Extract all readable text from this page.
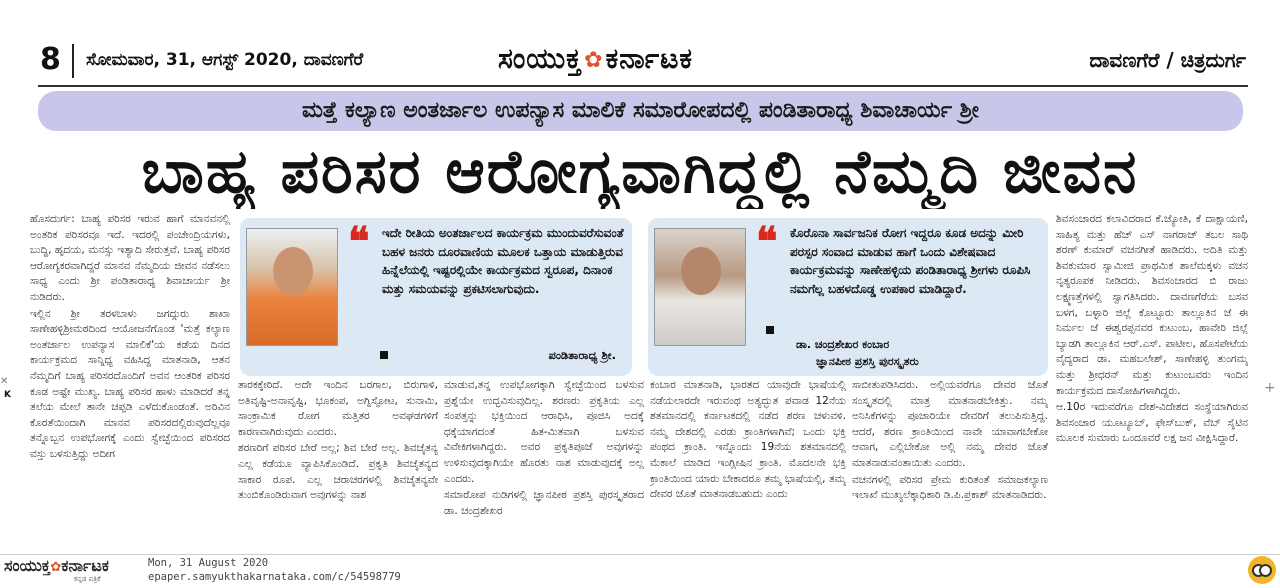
8 ಸೋಮವಾರ, 31, ಆಗಸ್ಟ್ 2020, ದಾವಣಗೆರೆ	ಸಂಯುಕ್ತ✿ಕರ್ನಾಟಕ	ದಾವಣಗೆರೆ / ಚಿತ್ರದುರ್ಗ
ಮತ್ತೆ ಕಲ್ಯಾಣ ಅಂತರ್ಜಾಲ ಉಪನ್ಯಾಸ ಮಾಲಿಕೆ ಸಮಾರೋಪದಲ್ಲಿ ಪಂಡಿತಾರಾಧ್ಯ ಶಿವಾಚಾರ್ಯ ಶ್ರೀ
ಬಾಹ್ಯ ಪರಿಸರ ಆರೋಗ್ಯವಾಗಿದ್ದಲ್ಲಿ ನೆಮ್ಮದಿ ಜೀವನ

ಹೊಸದುರ್ಗ: ಬಾಹ್ಯ ಪರಿಸರ ಇರುವ ಹಾಗೆ ಮಾನವನಲ್ಲಿ ಅಂತರಿಕ ಪರಿಸರವೂ ಇದೆ. ಇದರಲ್ಲಿ ಪಂಚೇಂದ್ರಿಯಗಳು, ಬುದ್ಧಿ, ಹೃದಯ, ಮನಸ್ಸು ಇತ್ಯಾದಿ ಸೇರುತ್ತವೆ. ಬಾಹ್ಯ ಪರಿಸರ ಆರೋಗ್ಯಕರವಾಗಿದ್ದರೆ ಮಾನವ ನೆಮ್ಮದಿಯ ಜೀವನ ನಡೆಸಲು ಸಾಧ್ಯ ಎಂದು ಶ್ರೀ ಪಂಡಿತಾರಾಧ್ಯ ಶಿವಾಚಾರ್ಯ ಶ್ರೀ ನುಡಿದರು.

ಇಲ್ಲಿನ ಶ್ರೀ ತರಳಬಾಳು ಜಗದ್ಗುರು ಶಾಖಾ ಸಾಣೇಹಳ್ಳಿಶ್ರೀಮಠದಿಂದ ಆಯೋಜನೆಗೊಂಡ 'ಮತ್ತೆ ಕಲ್ಯಾಣ ಅಂತರ್ಜಾಲ ಉಪನ್ಯಾಸ ಮಾಲಿಕೆ'ಯ ಕಡೆಯ ದಿನದ ಕಾರ್ಯಕ್ರಮದ ಸಾನ್ನಿಧ್ಯ ವಹಿಸಿದ್ದ ಮಾತನಾಡಿ, ಆತನ ನೆಮ್ಮದಿಗೆ ಬಾಹ್ಯ ಪರಿಸರದೊಂದಿಗೆ ಅವನ ಆಂತರಿಕ ಪರಿಸರ ಕೂಡ ಅಷ್ಟೇ ಮುಖ್ಯ. ಬಾಹ್ಯ ಪರಿಸರ ಹಾಳು ಮಾಡಿದರೆ ತನ್ನ ತಲೆಯ ಮೇಲೆ ತಾನೇ ಚಪ್ಪಡಿ ಎಳೆದುಕೊಂಡಂತೆ. ಅರಿವಿನ ಕೊರತೆಯಿಂದಾಗಿ ಮಾನವ ಪರಿಸರದಲ್ಲಿರುವುದೆಲ್ಲವೂ ತನ್ನೊಬ್ಬನ ಉಪಭೋಗಕ್ಕೆ ಎಂದು ಸ್ವೇಚ್ಛೆಯಿಂದ ಪರಿಸರದ ವಸ್ತು ಬಳಸುತ್ತಿದ್ದು ಅದೀಗ

❝ ಇದೇ ರೀತಿಯ ಅಂತರ್ಜಾಲದ ಕಾರ್ಯಕ್ರಮ ಮುಂದುವರೆಸುವಂತೆ ಬಹಳ ಜನರು ದೂರವಾಣಿಯ ಮೂಲಕ ಒತ್ತಾಯ ಮಾಡುತ್ತಿರುವ ಹಿನ್ನೆಲೆಯಲ್ಲಿ ಇಷ್ಟರಲ್ಲಿಯೇ ಕಾರ್ಯಕ್ರಮದ ಸ್ವರೂಪ, ದಿನಾಂಕ ಮತ್ತು ಸಮಯವನ್ನು ಪ್ರಕಟಿಸಲಾಗುವುದು.
ಪಂಡಿತಾರಾಧ್ಯ ಶ್ರೀ.
❝ ಕೊರೊನಾ ಸಾರ್ವಜನಿಕ ರೋಗ ಇದ್ದರೂ ಕೂಡ ಅದನ್ನು ಮೀರಿ ಪರಸ್ಪರ ಸಂವಾದ ಮಾಡುವ ಹಾಗೆ ಒಂದು ವಿಶೇಷವಾದ ಕಾರ್ಯಕ್ರಮವನ್ನು ಸಾಣೇಹಳ್ಳಿಯ ಪಂಡಿತಾರಾಧ್ಯ ಶ್ರೀಗಳು ರೂಪಿಸಿ ನಮಗೆಲ್ಲ ಬಹಳದೊಡ್ಡ ಉಪಕಾರ ಮಾಡಿದ್ದಾರೆ.
ಡಾ. ಚಂದ್ರಶೇಖರ ಕಂಬಾರ
ಜ್ಞಾನಪೀಠ ಪ್ರಶಸ್ತಿ ಪುರಸ್ಕೃತರು

ತಾರಕಕ್ಕೇರಿದೆ. ಅದೇ ಇಂದಿನ ಬರಗಾಲ, ಬಿರುಗಾಳಿ, ಅತಿವೃಷ್ಟಿ-ಅನಾವೃಷ್ಟಿ, ಭೂಕಂಪ, ಅಗ್ನಿಸ್ಫೋಟ, ಸುನಾಮಿ, ಸಾಂಕ್ರಾಮಿಕ ರೋಗ ಮತ್ತಿತರ ಅವಘಡಗಳಿಗೆ ಕಾರಣವಾಗಿರುವುದು ಎಂದರು.

ಶರಣರಿಗೆ ಪರಿಸರ ಬೇರೆ ಅಲ್ಲ; ಶಿವ ಬೇರೆ ಅಲ್ಲ. ಶಿವಚೈತನ್ಯ ಎಲ್ಲ ಕಡೆಯೂ ವ್ಯಾಪಿಸಿಕೊಂಡಿದೆ. ಪ್ರಕೃತಿ ಶಿವಚೈತನ್ಯದ ಸಾಕಾರ ರೂಪ. ಎಲ್ಲ ಚರಾಚರಗಳಲ್ಲಿ ಶಿವಚೈತನ್ಯವೇ ತುಂಬಿಕೊಂಡಿರುವಾಗ ಅವುಗಳನ್ನು ನಾಶ

ಮಾಡುವ,ತನ್ನ ಉಪಭೋಗಕ್ಕಾಗಿ ಸ್ವೇಚ್ಛೆಯಿಂದ ಬಳಸುವ ಪ್ರಶ್ನೆಯೇ ಉದ್ಭವಿಸುವುದಿಲ್ಲ. ಶರಣರು ಪ್ರಕೃತಿಯ ಎಲ್ಲ ಸಂಪತ್ತನ್ನು ಭಕ್ತಿಯಿಂದ ಆರಾಧಿಸಿ, ಪೂಜಿಸಿ ಅದಕ್ಕೆ ಧಕ್ಕೆಯಾಗದಂತೆ ಹಿತ-ಮಿತವಾಗಿ ಬಳಸುವ ವಿವೇಕಿಗಳಾಗಿದ್ದರು. ಅವರ ಪ್ರಕೃತಿಪೂಜೆ ಅವುಗಳನ್ನು ಉಳಿಸುವುದಕ್ಕಾಗಿಯೇ ಹೊರತು ನಾಶ ಮಾಡುವುದಕ್ಕೆ ಅಲ್ಲ ಎಂದರು.

ಸಮಾರೋಪ ನುಡಿಗಳಲ್ಲಿ ಜ್ಞಾನಪೀಠ ಪ್ರಶಸ್ತಿ ಪುರಸ್ಕೃತರಾದ ಡಾ. ಚಂದ್ರಶೇಖರ

ಕಂಬಾರ ಮಾತನಾಡಿ, ಭಾರತದ ಯಾವುದೇ ಭಾಷೆಯಲ್ಲಿ ನಡೆಯಲಾರದೇ ಇರುವಂಥ ಅತ್ಯದ್ಭುತ ಪವಾಡ 12ನೆಯ ಶತಮಾನದಲ್ಲಿ ಕರ್ನಾಟಕದಲ್ಲಿ ನಡೆದ ಶರಣ ಚಳುವಳಿ. ನಮ್ಮ ದೇಶದಲ್ಲಿ ಎರಡು ಕ್ರಾಂತಿಗಳಾಗಿವೆ; ಒಂದು ಭಕ್ತಿ ಪಂಥದ ಕ್ರಾಂತಿ. ಇನ್ನೊಂದು 19ನೆಯ ಶತಮಾನದಲ್ಲಿ ಮೆಕಾಲೆ ಮಾಡಿದ ಇಂಗ್ಲೀಷಿನ ಕ್ರಾಂತಿ. ಮೊದಲನೇ ಭಕ್ತಿ ಕ್ರಾಂತಿಯಿಂದ ಯಾರು ಬೇಕಾದರೂ ತಮ್ಮ ಭಾಷೆಯಲ್ಲಿ, ತಮ್ಮ ದೇವರ ಜೊತೆ ಮಾತನಾಡಬಹುದು ಎಂದು

ಸಾಬೀತುಪಡಿಸಿದರು. ಅಲ್ಲಿಯವರೆಗೂ ದೇವರ ಜೊತೆ ಸಂಸ್ಕೃತದಲ್ಲಿ ಮಾತ್ರ ಮಾತನಾಡಬೇಕಿತ್ತು. ನಮ್ಮ ಅನಿಸಿಕೆಗಳನ್ನು ಪೂಜಾರಿಯೇ ದೇವರಿಗೆ ತಲುಪಿಸುತ್ತಿದ್ದ. ಆದರೆ, ಶರಣ ಕ್ರಾಂತಿಯಿಂದ ನಾವೇ ಯಾವಾಗಬೇಕೋ ಆವಾಗ, ಎಲ್ಲಿಬೇಕೋ ಅಲ್ಲಿ ನಮ್ಮ ದೇವರ ಜೊತೆ ಮಾತನಾಡುವಂತಾಯಿತು ಎಂದರು.

ವಚನಗಳಲ್ಲಿ ಪರಿಸರ ಪ್ರೇಮ ಕುರಿತಂತೆ ಸಮಾಜಕಲ್ಯಾಣ ಇಲಾಖೆ ಮುಖ್ಯಲೆಕ್ಕಾಧಿಕಾರಿ ಡಿ.ಪಿ.ಪ್ರಕಾಶ್ ಮಾತನಾಡಿದರು.

ಶಿವಸಂಚಾರದ ಕಲಾವಿದರಾದ ಕೆ.ಜ್ಯೋತಿ, ಕೆ ದಾಕ್ಷಾಯಣಿ, ಸಾಹಿತ್ಯ ಮತ್ತು ಹೆಚ್ ಎಸ್ ನಾಗರಾಜ್ ತಬಲ ಸಾಥಿ ಶರಣ್ ಕುಮಾರ್ ವಚನಗೀತೆ ಹಾಡಿದರು. ಅದಿತಿ ಮತ್ತು ಶಿವಕುಮಾರ ಸ್ವಾಮೀಜಿ ಪ್ರಾಥಮಿಕ ಶಾಲೆಮಕ್ಕಳು ವಚನ ನೃತ್ಯರೂಪಕ ನೀಡಿದರು. ಶಿವಸಂಚಾರದ ಬಿ ರಾಜು ಲಕ್ಷ್ಮಣತ್ತೆಗಳಲ್ಲಿ ಸ್ವಾಗತಿಸಿದರು. ದಾವಣಗೆರೆಯ ಬಸವ ಬಳಗ, ಬಳ್ಳಾರಿ ಜಿಲ್ಲೆ ಕೊಟ್ಟೂರು ತಾಲ್ಲೂಕಿನ ಜೆ ಈ ನಿರ್ಮಲ ಜೆ ಈಶ್ವರಪ್ಪನವರ ಕುಟುಂಬ, ಹಾವೇರಿ ಜಿಲ್ಲೆ ಬ್ಯಾಡಗಿ ತಾಲ್ಲೂಕಿನ ಆರ್.ಎಸ್. ಪಾಟೀಲ, ಹೊಸಪೇಟೆಯ ವೈದ್ಯರಾದ ಡಾ. ಮಹಬಲೇಶ್, ಸಾಣೇಹಳ್ಳಿ ತುಂಗಮ್ಮ ಮತ್ತು ಶ್ರೀಧರನ್ ಮತ್ತು ಕುಟುಂಬವರು ಇಂದಿನ ಕಾರ್ಯಕ್ರಮದ ದಾಸೋಹಿಗಳಾಗಿದ್ದರು.

ಆ.10ರ ಇದುವರೆಗೂ ದೇಶ-ವಿದೇಶದ ಸಂಸ್ಥೆಯಾಗಿರುವ ಶಿವಸಂಚಾರ ಯೂಟ್ಯೂಬ್, ಫೇಸ್‌ಬುಕ್, ವೆಬ್ ಸೈಟಿನ ಮೂಲಕ ಸುಮಾರು ಒಂದೂವರೆ ಲಕ್ಷ ಜನ ವೀಕ್ಷಿಸಿದ್ದಾರೆ.

✕
K	+
ಸಂಯುಕ್ತ✿ಕರ್ನಾಟಕ
ಕನ್ನಡ ಪತ್ರಿಕೆ
Mon, 31 August 2020
epaper.samyukthakarnataka.com/c/54598779
